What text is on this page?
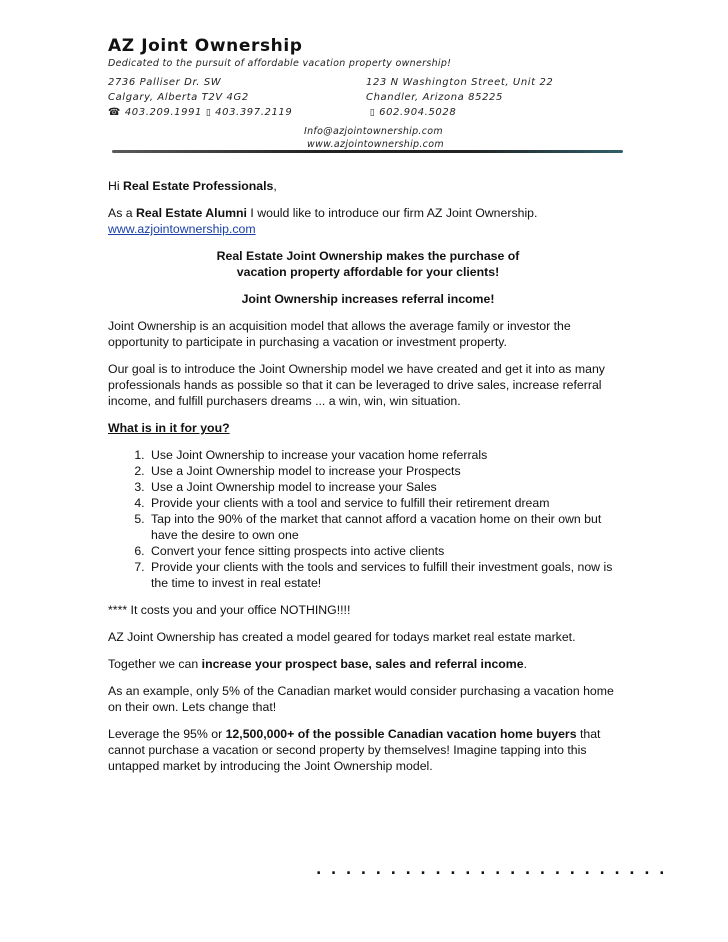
AZ Joint Ownership
Dedicated to the pursuit of affordable vacation property ownership!
2736 Palliser Dr. SW
Calgary, Alberta T2V 4G2
☎ 403.209.1991 ▯ 403.397.2119
123 N Washington Street, Unit 22
Chandler, Arizona 85225
▯ 602.904.5028
Info@azjointownership.com
www.azjointownership.com

Hi Real Estate Professionals,

As a Real Estate Alumni I would like to introduce our firm AZ Joint Ownership.
www.azjointownership.com

Real Estate Joint Ownership makes the purchase of
vacation property affordable for your clients!

Joint Ownership increases referral income!

Joint Ownership is an acquisition model that allows the average family or investor the opportunity to participate in purchasing a vacation or investment property.

Our goal is to introduce the Joint Ownership model we have created and get it into as many professionals hands as possible so that it can be leveraged to drive sales, increase referral income, and fulfill purchasers dreams ... a win, win, win situation.

What is in it for you?

1. Use Joint Ownership to increase your vacation home referrals
2. Use a Joint Ownership model to increase your Prospects
3. Use a Joint Ownership model to increase your Sales
4. Provide your clients with a tool and service to fulfill their retirement dream
5. Tap into the 90% of the market that cannot afford a vacation home on their own but have the desire to own one
6. Convert your fence sitting prospects into active clients
7. Provide your clients with the tools and services to fulfill their investment goals, now is the time to invest in real estate!

**** It costs you and your office NOTHING!!!!

AZ Joint Ownership has created a model geared for todays market real estate market.

Together we can increase your prospect base, sales and referral income.

As an example, only 5% of the Canadian market would consider purchasing a vacation home on their own. Lets change that!

Leverage the 95% or 12,500,000+ of the possible Canadian vacation home buyers that cannot purchase a vacation or second property by themselves! Imagine tapping into this untapped market by introducing the Joint Ownership model.

........................
